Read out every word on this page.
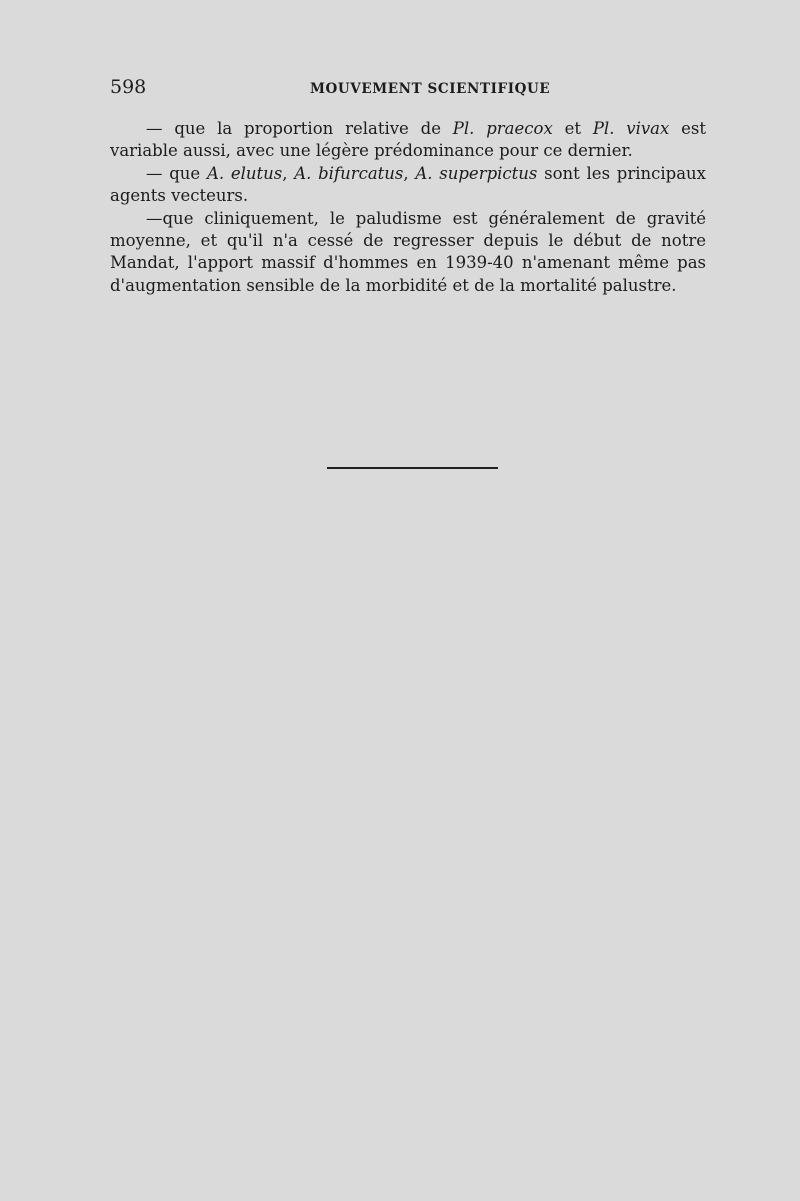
598	MOUVEMENT SCIENTIFIQUE

— que la proportion relative de Pl. praecox et Pl. vivax est variable aussi, avec une légère prédominance pour ce dernier.

— que A. elutus, A. bifurcatus, A. superpictus sont les principaux agents vecteurs.

—que cliniquement, le paludisme est généralement de gravité moyenne, et qu'il n'a cessé de regresser depuis le début de notre Mandat, l'apport massif d'hommes en 1939-40 n'amenant même pas d'augmentation sensible de la morbidité et de la mortalité palustre.
